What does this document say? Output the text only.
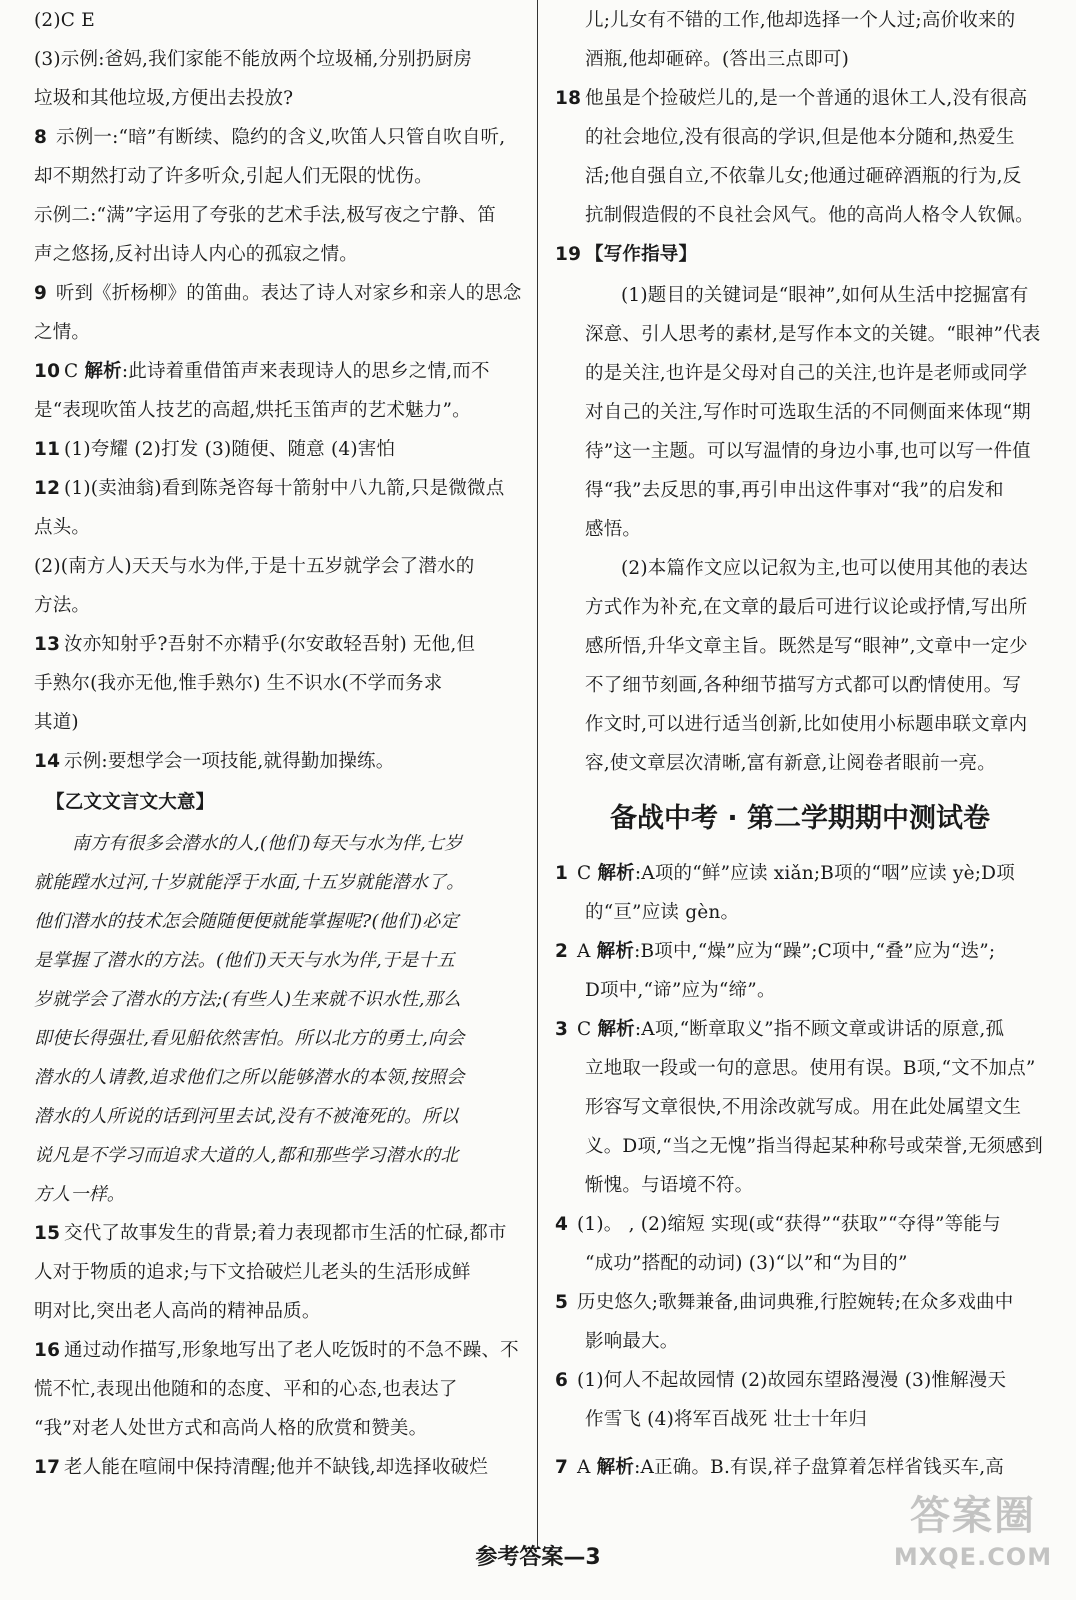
(2)C E
(3)示例:爸妈,我们家能不能放两个垃圾桶,分别扔厨房
垃圾和其他垃圾,方便出去投放?
8 示例一:“暗”有断续、隐约的含义,吹笛人只管自吹自听,
却不期然打动了许多听众,引起人们无限的忧伤。
示例二:“满”字运用了夸张的艺术手法,极写夜之宁静、笛
声之悠扬,反衬出诗人内心的孤寂之情。
9 听到《折杨柳》的笛曲。表达了诗人对家乡和亲人的思念
之情。
10 C 解析:此诗着重借笛声来表现诗人的思乡之情,而不
是“表现吹笛人技艺的高超,烘托玉笛声的艺术魅力”。
11 (1)夸耀 (2)打发 (3)随便、随意 (4)害怕
12 (1)(卖油翁)看到陈尧咨每十箭射中八九箭,只是微微点
点头。
(2)(南方人)天天与水为伴,于是十五岁就学会了潜水的
方法。
13 汝亦知射乎?吾射不亦精乎(尔安敢轻吾射) 无他,但
手熟尔(我亦无他,惟手熟尔) 生不识水(不学而务求
其道)
14 示例:要想学会一项技能,就得勤加操练。
【乙文文言文大意】
南方有很多会潜水的人,(他们)每天与水为伴,七岁
就能蹚水过河,十岁就能浮于水面,十五岁就能潜水了。
他们潜水的技术怎会随随便便就能掌握呢?(他们)必定
是掌握了潜水的方法。(他们)天天与水为伴,于是十五
岁就学会了潜水的方法;(有些人)生来就不识水性,那么
即使长得强壮,看见船依然害怕。所以北方的勇士,向会
潜水的人请教,追求他们之所以能够潜水的本领,按照会
潜水的人所说的话到河里去试,没有不被淹死的。所以
说凡是不学习而追求大道的人,都和那些学习潜水的北
方人一样。
15 交代了故事发生的背景;着力表现都市生活的忙碌,都市
人对于物质的追求;与下文拾破烂儿老头的生活形成鲜
明对比,突出老人高尚的精神品质。
16 通过动作描写,形象地写出了老人吃饭时的不急不躁、不
慌不忙,表现出他随和的态度、平和的心态,也表达了
“我”对老人处世方式和高尚人格的欣赏和赞美。
17 老人能在喧闹中保持清醒;他并不缺钱,却选择收破烂
备战中考 · 第二学期期中测试卷
儿;儿女有不错的工作,他却选择一个人过;高价收来的
酒瓶,他却砸碎。(答出三点即可)
18 他虽是个捡破烂儿的,是一个普通的退休工人,没有很高
的社会地位,没有很高的学识,但是他本分随和,热爱生
活;他自强自立,不依靠儿女;他通过砸碎酒瓶的行为,反
抗制假造假的不良社会风气。他的高尚人格令人钦佩。
19 【写作指导】
(1)题目的关键词是“眼神”,如何从生活中挖掘富有
深意、引人思考的素材,是写作本文的关键。“眼神”代表
的是关注,也许是父母对自己的关注,也许是老师或同学
对自己的关注,写作时可选取生活的不同侧面来体现“期
待”这一主题。可以写温情的身边小事,也可以写一件值
得“我”去反思的事,再引申出这件事对“我”的启发和
感悟。
(2)本篇作文应以记叙为主,也可以使用其他的表达
方式作为补充,在文章的最后可进行议论或抒情,写出所
感所悟,升华文章主旨。既然是写“眼神”,文章中一定少
不了细节刻画,各种细节描写方式都可以酌情使用。写
作文时,可以进行适当创新,比如使用小标题串联文章内
容,使文章层次清晰,富有新意,让阅卷者眼前一亮。
1 C 解析:A项的“鲜”应读 xiǎn;B项的“咽”应读 yè;D项
的“亘”应读 gèn。
2 A 解析:B项中,“燥”应为“躁”;C项中,“叠”应为“迭”;
D项中,“谛”应为“缔”。
3 C 解析:A项,“断章取义”指不顾文章或讲话的原意,孤
立地取一段或一句的意思。使用有误。B项,“文不加点”
形容写文章很快,不用涂改就写成。用在此处属望文生
义。D项,“当之无愧”指当得起某种称号或荣誉,无须感到
惭愧。与语境不符。
4 (1)。 , (2)缩短 实现(或“获得”“获取”“夺得”等能与
“成功”搭配的动词) (3)“以”和“为目的”
5 历史悠久;歌舞兼备,曲词典雅,行腔婉转;在众多戏曲中
影响最大。
6 (1)何人不起故园情 (2)故园东望路漫漫 (3)惟解漫天
作雪飞 (4)将军百战死 壮士十年归
7 A 解析:A正确。B.有误,祥子盘算着怎样省钱买车,高
参考答案—3
答案圈
MXQE.COM
